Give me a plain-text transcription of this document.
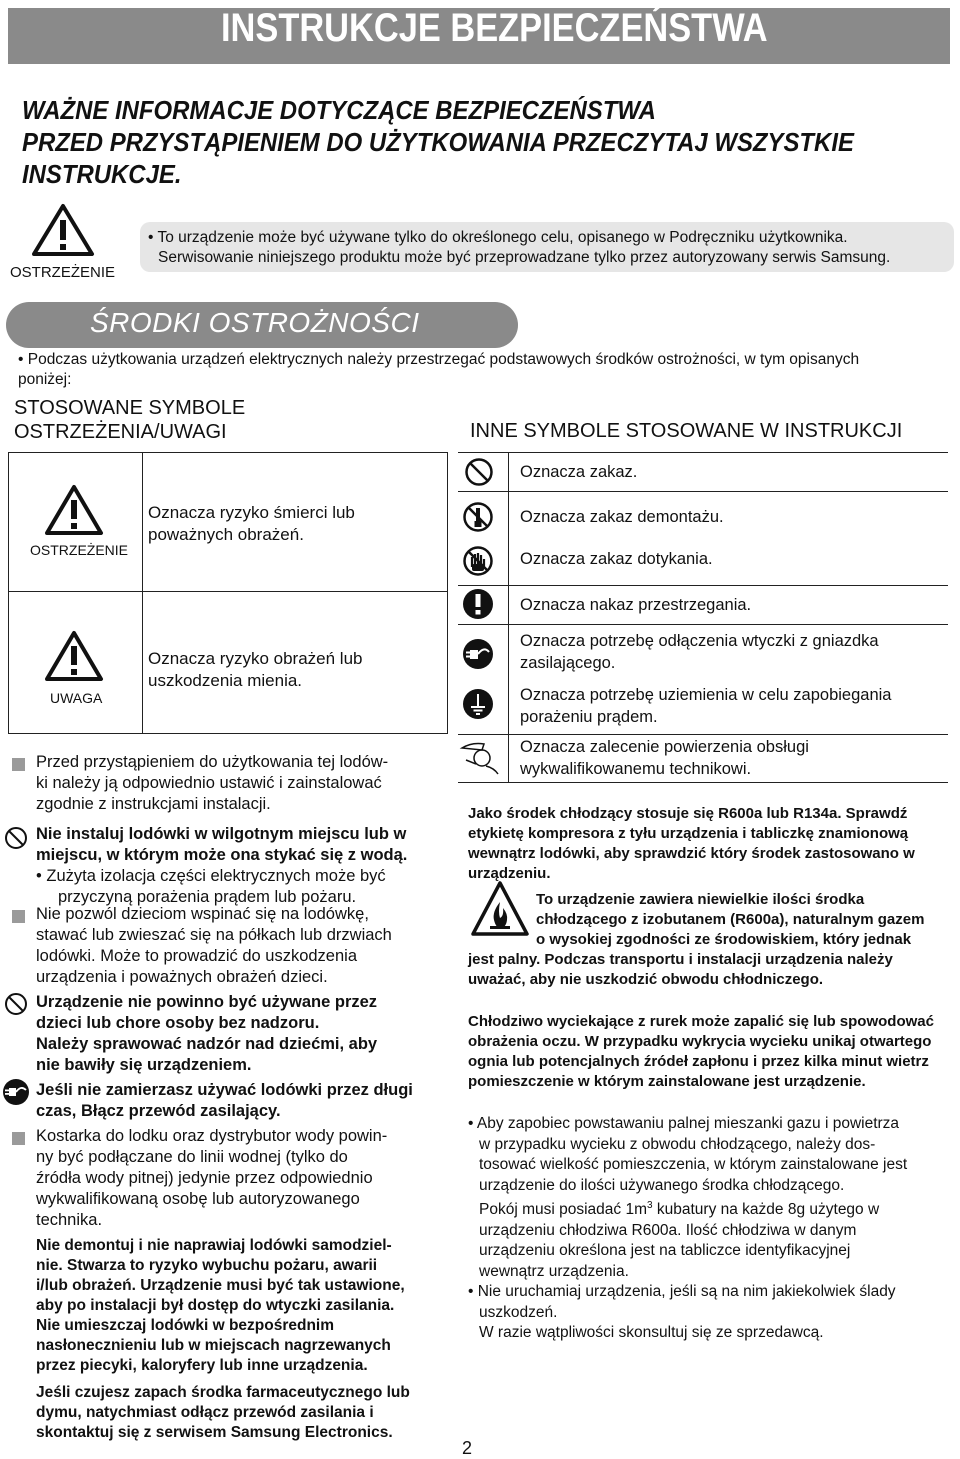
INSTRUKCJE BEZPIECZEŃSTWA
WAŻNE INFORMACJE DOTYCZĄCE BEZPIECZEŃSTWA
PRZED PRZYSTĄPIENIEM DO UŻYTKOWANIA PRZECZYTAJ WSZYSTKIE
INSTRUKCJE.
OSTRZEŻENIE
• To urządzenie może być używane tylko do określonego celu, opisanego w Podręczniku użytkownika.
Serwisowanie niniejszego produktu może być przeprowadzane tylko przez autoryzowany serwis Samsung.
ŚRODKI OSTROŻNOŚCI
• Podczas użytkowania urządzeń elektrycznych należy przestrzegać podstawowych środków ostrożności, w tym opisanych
poniżej:
STOSOWANE SYMBOLE
OSTRZEŻENIA/UWAGI	INNE SYMBOLE STOSOWANE W INSTRUKCJI
OSTRZEŻENIE
Oznacza ryzyko śmierci lub
poważnych obrażeń.
UWAGA
Oznacza ryzyko obrażeń lub
uszkodzenia mienia.
Oznacza zakaz.
Oznacza zakaz demontażu.
Oznacza zakaz dotykania.
Oznacza nakaz przestrzegania.
Oznacza potrzebę odłączenia wtyczki z gniazdka zasilającego.
Oznacza potrzebę uziemienia w celu zapobiegania porażeniu prądem.
Oznacza zalecenie powierzenia obsługi wykwalifikowanemu technikowi.
Przed przystąpieniem do użytkowania tej lodów-
ki należy ją odpowiednio ustawić i zainstalować
zgodnie z instrukcjami instalacji.
Nie instaluj lodówki w wilgotnym miejscu lub w
miejscu, w którym może ona stykać się z wodą.
• Zużyta izolacja części elektrycznych może być
przyczyną porażenia prądem lub pożaru.
Nie pozwól dzieciom wspinać się na lodówkę,
stawać lub zwieszać się na półkach lub drzwiach
lodówki. Może to prowadzić do uszkodzenia
urządzenia i poważnych obrażeń dzieci.
Urządzenie nie powinno być używane przez
dzieci lub chore osoby bez nadzoru.
Należy sprawować nadzór nad dziećmi, aby
nie bawiły się urządzeniem.
Jeśli nie zamierzasz używać lodówki przez długi
czas, Błącz przewód zasilający.
Kostarka do lodku oraz dystrybutor wody powin-
ny być podłączane do linii wodnej (tylko do
źródła wody pitnej) jedynie przez odpowiednio
wykwalifikowaną osobę lub autoryzowanego
technika.
Nie demontuj i nie naprawiaj lodówki samodziel-
nie. Stwarza to ryzyko wybuchu pożaru, awarii
i/lub obrażeń. Urządzenie musi być tak ustawione,
aby po instalacji był dostęp do wtyczki zasilania.
Nie umieszczaj lodówki w bezpośrednim
nasłonecznieniu lub w miejscach nagrzewanych
przez piecyki, kaloryfery lub inne urządzenia.
Jeśli czujesz zapach środka farmaceutycznego lub
dymu, natychmiast odłącz przewód zasilania i
skontaktuj się z serwisem Samsung Electronics.
Jako środek chłodzący stosuje się R600a lub R134a. Sprawdź
etykietę kompresora z tyłu urządzenia i tabliczkę znamionową
wewnątrz lodówki, aby sprawdzić który środek zastosowano w
urządzeniu.
To urządzenie zawiera niewielkie ilości środka
chłodzącego z izobutanem (R600a), naturalnym gazem
o wysokiej zgodności ze środowiskiem, który jednak
jest palny. Podczas transportu i instalacji urządzenia należy
uważać, aby nie uszkodzić obwodu chłodniczego.
Chłodziwo wyciekające z rurek może zapalić się lub spowodować
obrażenia oczu. W przypadku wykrycia wycieku unikaj otwartego
ognia lub potencjalnych źródeł zapłonu i przez kilka minut wietrz
pomieszczenie w którym zainstalowane jest urządzenie.
• Aby zapobiec powstawaniu palnej mieszanki gazu i powietrza
w przypadku wycieku z obwodu chłodzącego, należy dos-
tosować wielkość pomieszczenia, w którym zainstalowane jest
urządzenie do ilości używanego środka chłodzącego.
Pokój musi posiadać $1m^3$ kubatury na każde 8g użytego w
urządzeniu chłodziwa R600a. Ilość chłodziwa w danym
urządzeniu określona jest na tabliczce identyfikacyjnej
wewnątrz urządzenia.
• Nie uruchamiaj urządzenia, jeśli są na nim jakiekolwiek ślady
uszkodzeń.
W razie wątpliwości skonsultuj się ze sprzedawcą.
2
